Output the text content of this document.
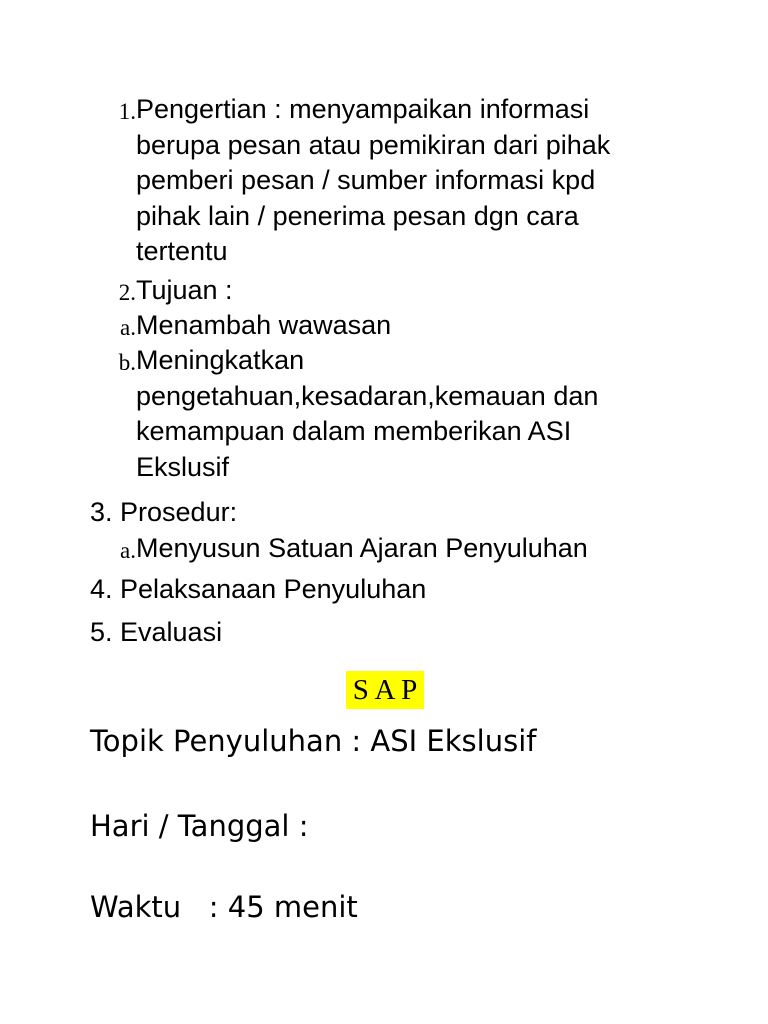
1. Pengertian : menyampaikan informasi
berupa pesan atau pemikiran dari pihak
pemberi pesan / sumber informasi kpd
pihak lain / penerima pesan dgn cara
tertentu
2. Tujuan :
a. Menambah wawasan
b. Meningkatkan
pengetahuan,kesadaran,kemauan dan
kemampuan dalam memberikan ASI
Ekslusif
3. Prosedur:
a. Menyusun Satuan Ajaran Penyuluhan
4. Pelaksanaan Penyuluhan
5. Evaluasi
S A P
Topik Penyuluhan : ASI Ekslusif
Hari / Tanggal :
Waktu   : 45 menit
